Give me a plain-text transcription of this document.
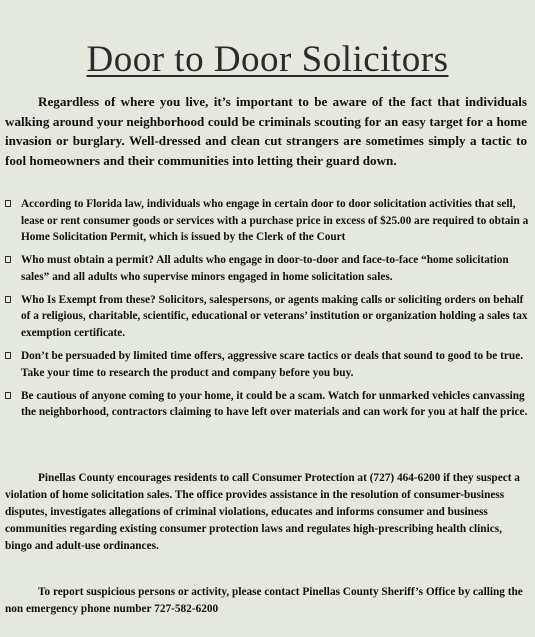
Door to Door Solicitors

Regardless of where you live, it’s important to be aware of the fact that individuals walking around your neighborhood could be criminals scouting for an easy target for a home invasion or burglary. Well-dressed and clean cut strangers are sometimes simply a tactic to fool homeowners and their communities into letting their guard down.

According to Florida law, individuals who engage in certain door to door solicitation activities that sell, lease or rent consumer goods or services with a purchase price in excess of $25.00 are required to obtain a Home Solicitation Permit, which is issued by the Clerk of the Court
Who must obtain a permit? All adults who engage in door-to-door and face-to-face “home solicitation sales” and all adults who supervise minors engaged in home solicitation sales.
Who Is Exempt from these? Solicitors, salespersons, or agents making calls or soliciting orders on behalf of a religious, charitable, scientific, educational or veterans’ institution or organization holding a sales tax exemption certificate.
Don’t be persuaded by limited time offers, aggressive scare tactics or deals that sound to good to be true. Take your time to research the product and company before you buy.
Be cautious of anyone coming to your home, it could be a scam. Watch for unmarked vehicles canvassing the neighborhood, contractors claiming to have left over materials and can work for you at half the price.

Pinellas County encourages residents to call Consumer Protection at (727) 464-6200 if they suspect a violation of home solicitation sales. The office provides assistance in the resolution of consumer-business disputes, investigates allegations of criminal violations, educates and informs consumer and business communities regarding existing consumer protection laws and regulates high-prescribing health clinics, bingo and adult-use ordinances.

To report suspicious persons or activity, please contact Pinellas County Sheriff’s Office by calling the non emergency phone number 727-582-6200
